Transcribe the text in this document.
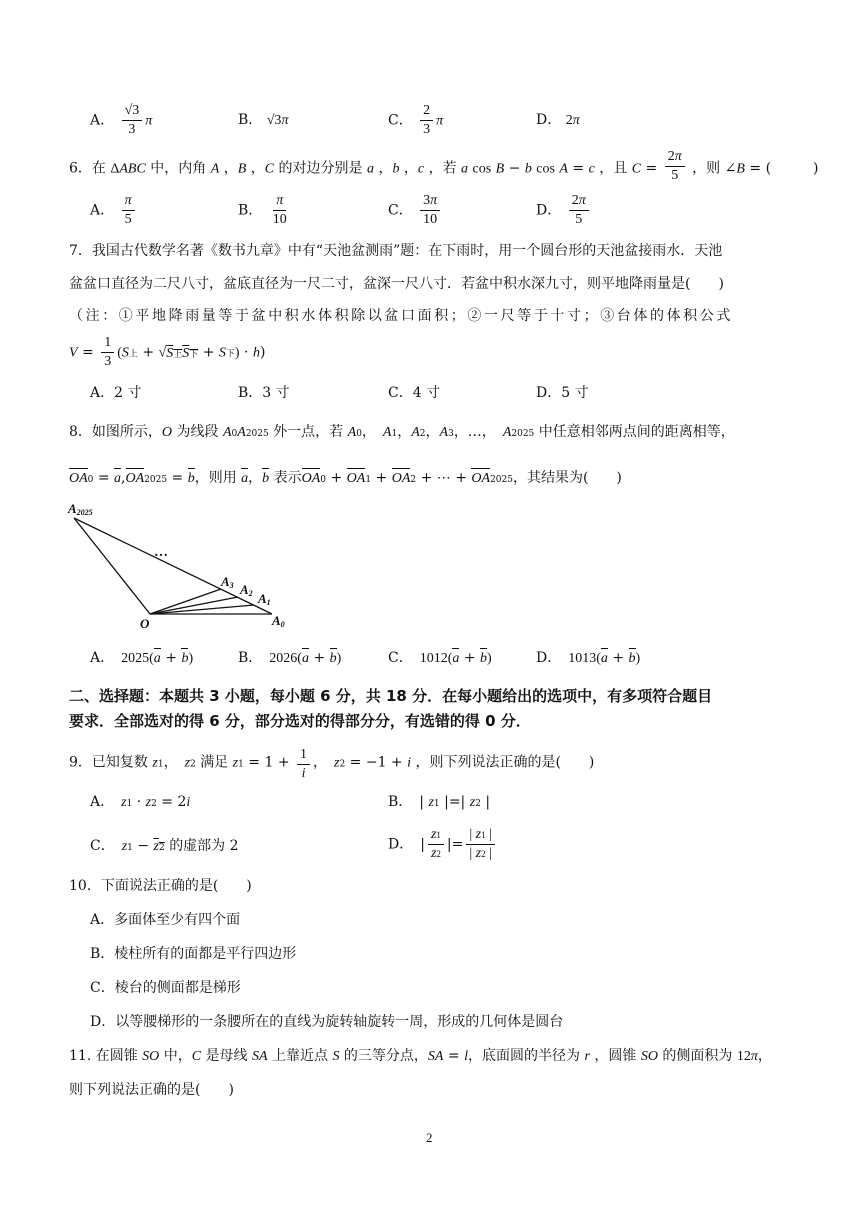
A． $\frac{√3}{3}$ π	B． √3π	C． $\frac{2}{3}$ π	D． 2π
6．在 ΔABC 中，内角 A ，B ，C 的对边分别是 a ，b ，c ，若 a cos B − b cos A = c ，且 $C = \frac{2\pi}{5}$ ，则 ∠B = (　　　)
A． $\frac{\pi}{5}$	B． $\frac{\pi}{10}$	C． $\frac{3\pi}{10}$	D． $\frac{2\pi}{5}$
7．我国古代数学名著《数书九章》中有“天池盆测雨”题：在下雨时，用一个圆台形的天池盆接雨水．天池
盆盆口直径为二尺八寸，盆底直径为一尺二寸，盆深一尺八寸．若盆中积水深九寸，则平地降雨量是(　　)
（注：①平地降雨量等于盆中积水体积除以盆口面积；②一尺等于十寸；③台体的体积公式
$V = \frac{1}{3} (S$上 + √S上S下 + S下) · h)
A．2 寸	B．3 寸	C．4 寸	D．5 寸
8．如图所示，O 为线段 A0A2025 外一点，若 A0，　A1，A2，A3，…，　A2025 中任意相邻两点间的距离相等，
OA0 = a,OA2025 = b，则用 a，b 表示OA0 + OA1 + OA2 + ⋯ + OA2025，其结果为(　　)
A2025
…
A3 A2 A1
O	A0
A．　2025(a + b)	B．　2026(a + b)	C．　1012(a + b)	D．　1013(a + b)
二、选择题：本题共 3 小题，每小题 6 分，共 18 分．在每小题给出的选项中，有多项符合题目
要求．全部选对的得 6 分，部分选对的得部分分，有选错的得 0 分．
9．已知复数 z1，　z2 满足 $z1 = 1 + \frac{1}{i}$ ，　z2 = −1 + i ，则下列说法正确的是(　　)
A．　z1 · z2 = 2i	B．　| z1 |=| z2 |
C．　z1 − z2 的虚部为 2	D．　| $\frac{z1}{z2}$ |= $\frac{| z1 |}{| z2 |}$
10．下面说法正确的是(　　)
A．多面体至少有四个面
B．棱柱所有的面都是平行四边形
C．棱台的侧面都是梯形
D．以等腰梯形的一条腰所在的直线为旋转轴旋转一周，形成的几何体是圆台
11. 在圆锥 SO 中，C 是母线 SA 上靠近点 S 的三等分点，SA = l，底面圆的半径为 r ，圆锥 SO 的侧面积为 12π，
则下列说法正确的是(　　)
2
